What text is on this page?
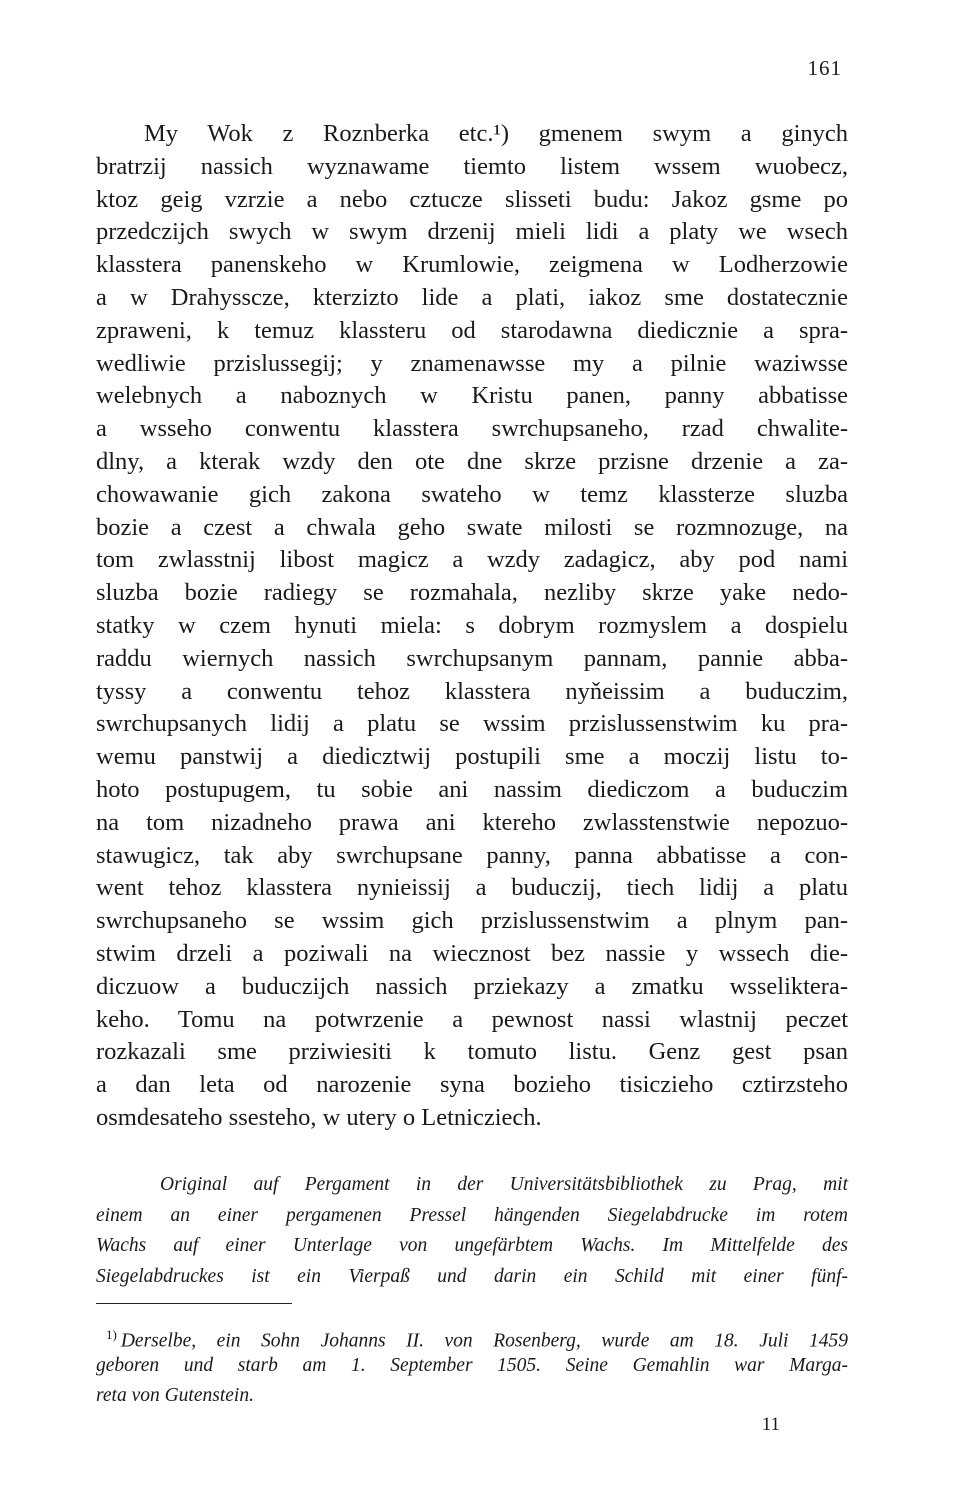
161
My Wok z Roznberka etc.¹) gmenem swym a ginych
bratrzij nassich wyznawame tiemto listem wssem wuobecz,
ktoz geig vzrzie a nebo cztucze slisseti budu: Jakoz gsme po
przedczijch swych w swym drzenij mieli lidi a platy we wsech
klasstera panenskeho w Krumlowie, zeigmena w Lodherzowie
a w Drahyssсze, kterzizto lide a plati, iakoz sme dostatecznie
zpraweni, k temuz klassteru od starodawna diedicznie a spra-
wedliwie przislussegij; y znamenawsse my a pilnie waziwsse
welebnych a naboznych w Kristu panen, panny abbatisse
a wsseho conwentu klasstera swrchupsaneho, rzad chwalite-
dlny, a kterak wzdy den ote dne skrze przisne drzenie a za-
chowawanie gich zakona swateho w temz klassterze sluzba
bozie a czest a chwala geho swate milosti se rozmnozuge, na
tom zwlasstnij libost magicz a wzdy zadagicz, aby pod nami
sluzba bozie radiegy se rozmahala, nezliby skrze yake nedo-
statky w czem hynuti miela: s dobrym rozmyslem a dospielu
raddu wiernych nassich swrchupsanym pannam, pannie abba-
tyssy a conwentu tehoz klasstera nyňeissim a buduczim,
swrchupsanych lidij a platu se wssim przislussenstwim ku pra-
wemu panstwij a diedicztwij postupili sme a moczij listu to-
hoto postupugem, tu sobie ani nassim diediczom a buduczim
na tom nizadneho prawa ani ktereho zwlasstenstwie nepozuo-
stawugicz, tak aby swrchupsane panny, panna abbatisse a con-
went tehoz klasstera nynieissij a buduczij, tiech lidij a platu
swrchupsaneho se wssim gich przislussenstwim a plnym pan-
stwim drzeli a poziwali na wiecznost bez nassie y wssech die-
diczuow a buduczijch nassich prziekazy a zmatku wsselіktera-
keho. Tomu na potwrzenie a pewnost nassi wlastnij peczet
rozkazali sme przіwiesiti k tomuto listu. Genz gest psan
a dan leta od narozenie syna bozieho tisiczieho cztirzsteho
osmdesateho ssesteho, w utery o Letnicziech.
Original auf Pergament in der Universitätsbibliothek zu Prag, mit
einem an einer pergamenen Pressel hängenden Siegelabdrucke im rotem
Wachs auf einer Unterlage von ungefärbtem Wachs. Im Mittelfelde des
Siegelabdruckes ist ein Vierpaß und darin ein Schild mit einer fünf-
$^{1)}$ Derselbe, ein Sohn Johanns II. von Rosenberg, wurde am 18. Juli 1459
geboren und starb am 1. September 1505. Seine Gemahlin war Marga-
reta von Gutenstein.
11
